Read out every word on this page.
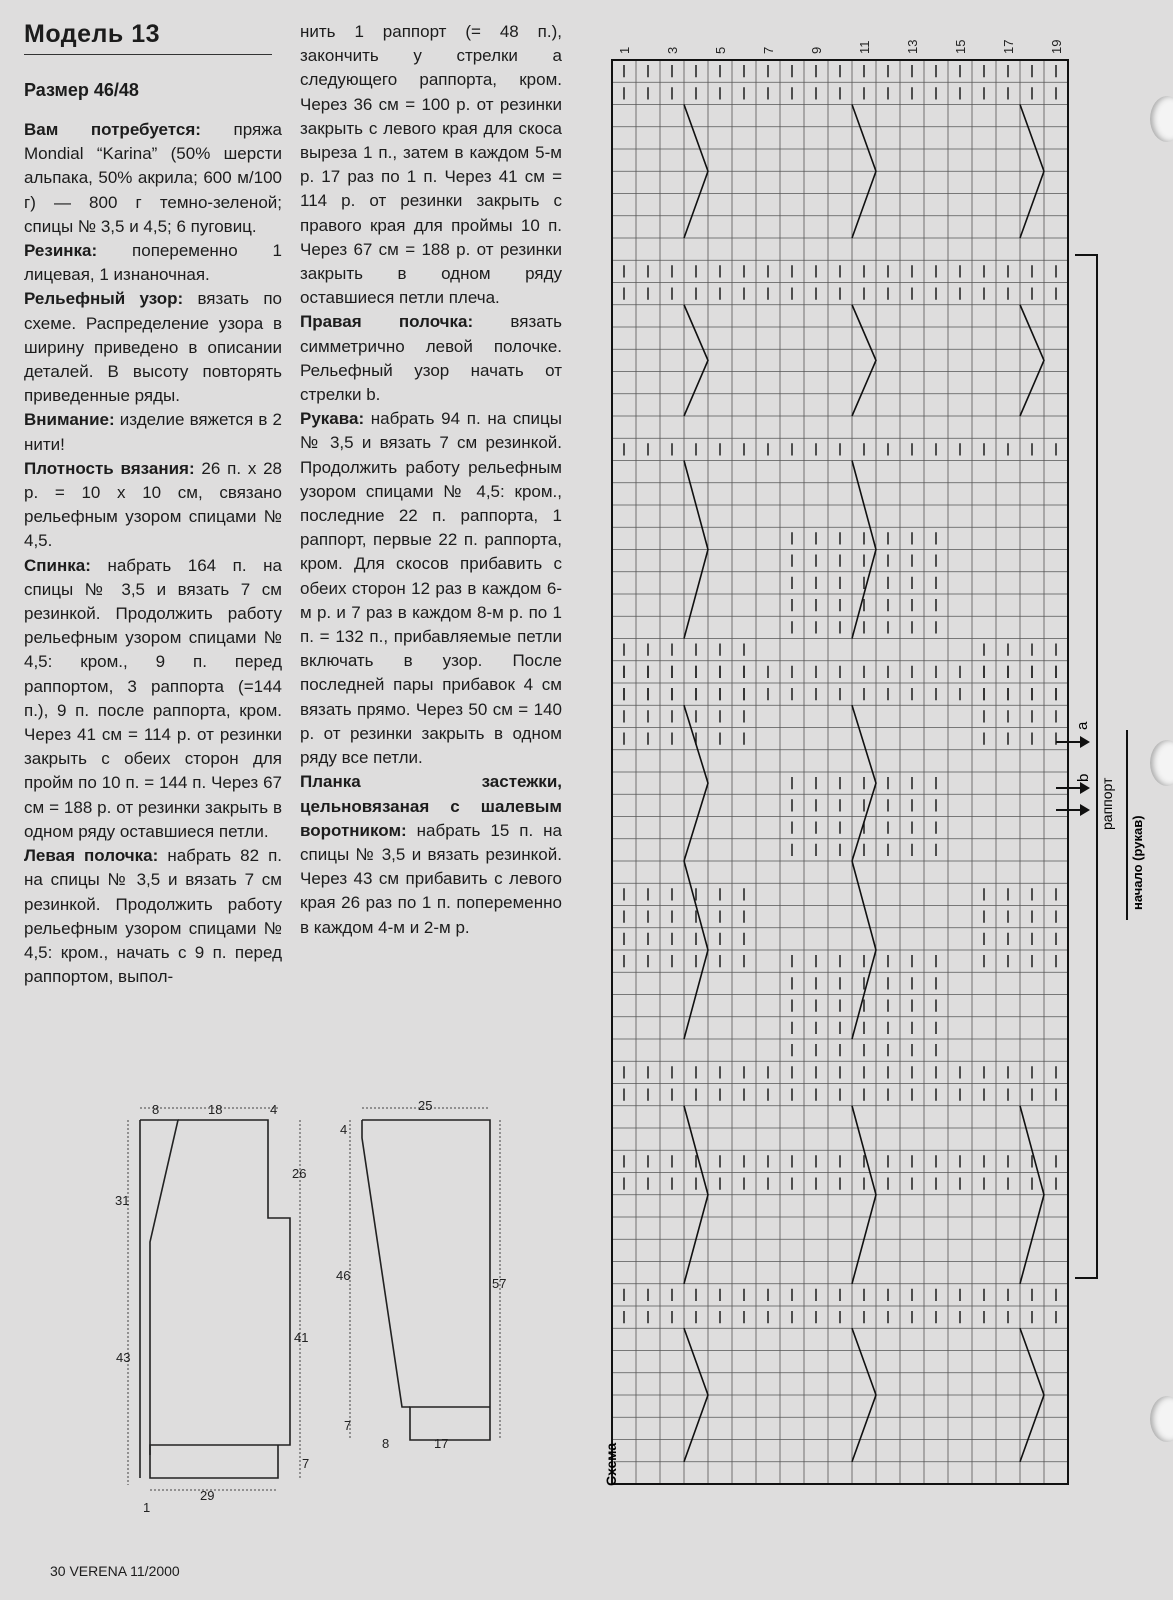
Модель 13
Размер 46/48

Вам потребуется: пряжа Mondial “Karina” (50% шерсти альпака, 50% акрила; 600 м/100 г) — 800 г темно-зеленой; спицы № 3,5 и 4,5; 6 пуговиц.

Резинка: попеременно 1 лицевая, 1 изнаночная.

Рельефный узор: вязать по схеме. Распределение узора в ширину приведено в описании деталей. В высоту повторять приведенные ряды.

Внимание: изделие вяжется в 2 нити!

Плотность вязания: 26 п. х 28 р. = 10 х 10 см, связано рельефным узором спицами № 4,5.

Спинка: набрать 164 п. на спицы № 3,5 и вязать 7 см резинкой. Продолжить работу рельефным узором спицами № 4,5: кром., 9 п. перед раппортом, 3 раппорта (=144 п.), 9 п. после раппорта, кром. Через 41 см = 114 р. от резинки закрыть с обеих сторон для пройм по 10 п. = 144 п. Через 67 см = 188 р. от резинки закрыть в одном ряду оставшиеся петли.

Левая полочка: набрать 82 п. на спицы № 3,5 и вязать 7 см резинкой. Продолжить работу рельефным узором спицами № 4,5: кром., начать с 9 п. перед раппортом, выпол-

нить 1 раппорт (= 48 п.), закончить у стрелки а следующего раппорта, кром. Через 36 см = 100 р. от резинки закрыть с левого края для скоса выреза 1 п., затем в каждом 5-м р. 17 раз по 1 п. Через 41 см = 114 р. от резинки закрыть с правого края для проймы 10 п. Через 67 см = 188 р. от резинки закрыть в одном ряду оставшиеся петли плеча.

Правая полочка: вязать симметрично левой полочке. Рельефный узор начать от стрелки b.

Рукава: набрать 94 п. на спицы № 3,5 и вязать 7 см резинкой. Продолжить работу рельефным узором спицами № 4,5: кром., последние 22 п. раппорта, 1 раппорт, первые 22 п. раппорта, кром. Для скосов прибавить с обеих сторон 12 раз в каждом 6-м р. и 7 раз в каждом 8-м р. по 1 п. = 132 п., прибавляемые петли включать в узор. После последней пары прибавок 4 см вязать прямо. Через 50 см = 140 р. от резинки закрыть в одном ряду все петли.

Планка застежки, цельновязаная с шалевым воротником: набрать 15 п. на спицы № 3,5 и вязать резинкой. Через 43 см прибавить с левого края 26 раз по 1 п. попеременно в каждом 4-м и 2-м р.

8	18	4
31
43
1
26
41
7
29
25
4
46
7
57
8	17
19
17
15
13
11
9
7
5
3
1
Схема
a
b раппорт
начало (рукав)
30 VERENA 11/2000
